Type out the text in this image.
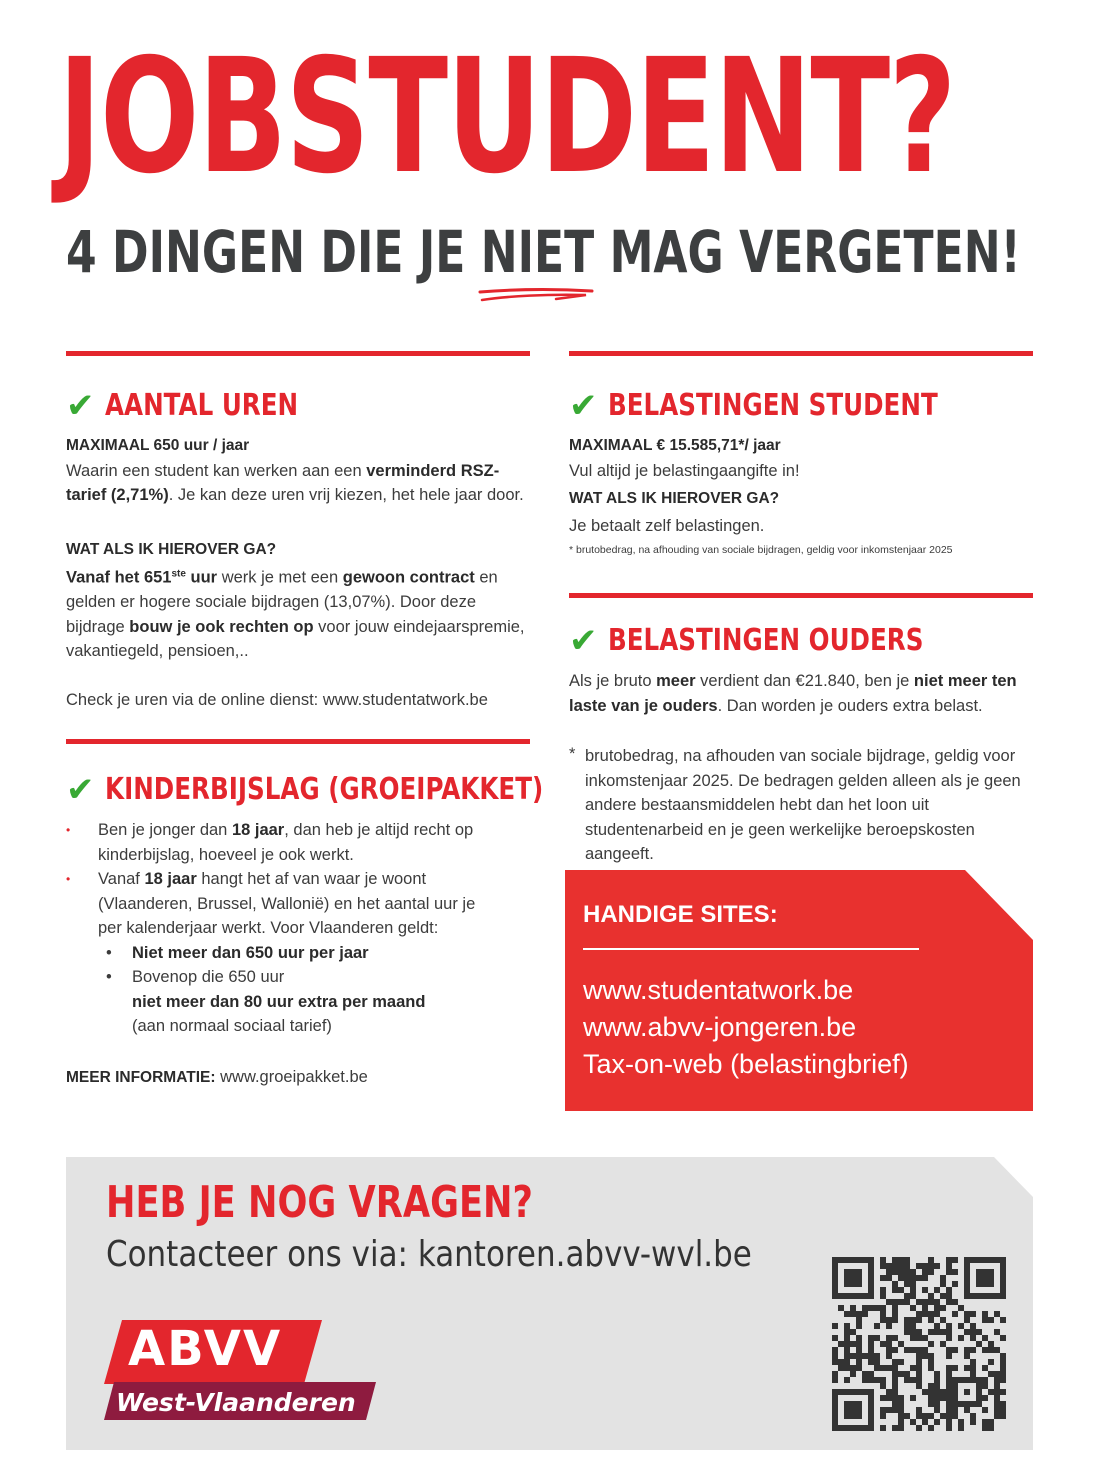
JOBSTUDENT?
4 DINGEN DIE JE NIET MAG VERGETEN!
✔ AANTAL UREN

MAXIMAAL 650 uur / jaar

Waarin een student kan werken aan een verminderd RSZ-tarief (2,71%). Je kan deze uren vrij kiezen, het hele jaar door.

WAT ALS IK HIEROVER GA?

Vanaf het 651ste uur werk je met een gewoon contract en gelden er hogere sociale bijdragen (13,07%). Door deze bijdrage bouw je ook rechten op voor jouw eindejaarspremie, vakantiegeld, pensioen,..

Check je uren via de online dienst: www.studentatwork.be

✔ KINDERBIJSLAG (GROEIPAKKET)
• Ben je jonger dan 18 jaar, dan heb je altijd recht op kinderbijslag, hoeveel je ook werkt.
• Vanaf 18 jaar hangt het af van waar je woont (Vlaanderen, Brussel, Wallonië) en het aantal uur je per kalenderjaar werkt. Voor Vlaanderen geldt:
• Niet meer dan 650 uur per jaar
• Bovenop die 650 uur
niet meer dan 80 uur extra per maand
(aan normaal sociaal tarief)

MEER INFORMATIE: www.groeipakket.be

✔ BELASTINGEN STUDENT

MAXIMAAL € 15.585,71*/ jaar

Vul altijd je belastingaangifte in!

WAT ALS IK HIEROVER GA?

Je betaalt zelf belastingen.

* brutobedrag, na afhouding van sociale bijdragen, geldig voor inkomstenjaar 2025

✔ BELASTINGEN OUDERS

Als je bruto meer verdient dan €21.840, ben je niet meer ten laste van je ouders. Dan worden je ouders extra belast.

* brutobedrag, na afhouden van sociale bijdrage, geldig voor inkomstenjaar 2025. De bedragen gelden alleen als je geen andere bestaansmiddelen hebt dan het loon uit studentenarbeid en je geen werkelijke beroepskosten aangeeft.
HANDIGE SITES:
www.studentatwork.be
www.abvv-jongeren.be
Tax-on-web (belastingbrief)
HEB JE NOG VRAGEN?
Contacteer ons via: kantoren.abvv-wvl.be
ABVV
West-Vlaanderen
